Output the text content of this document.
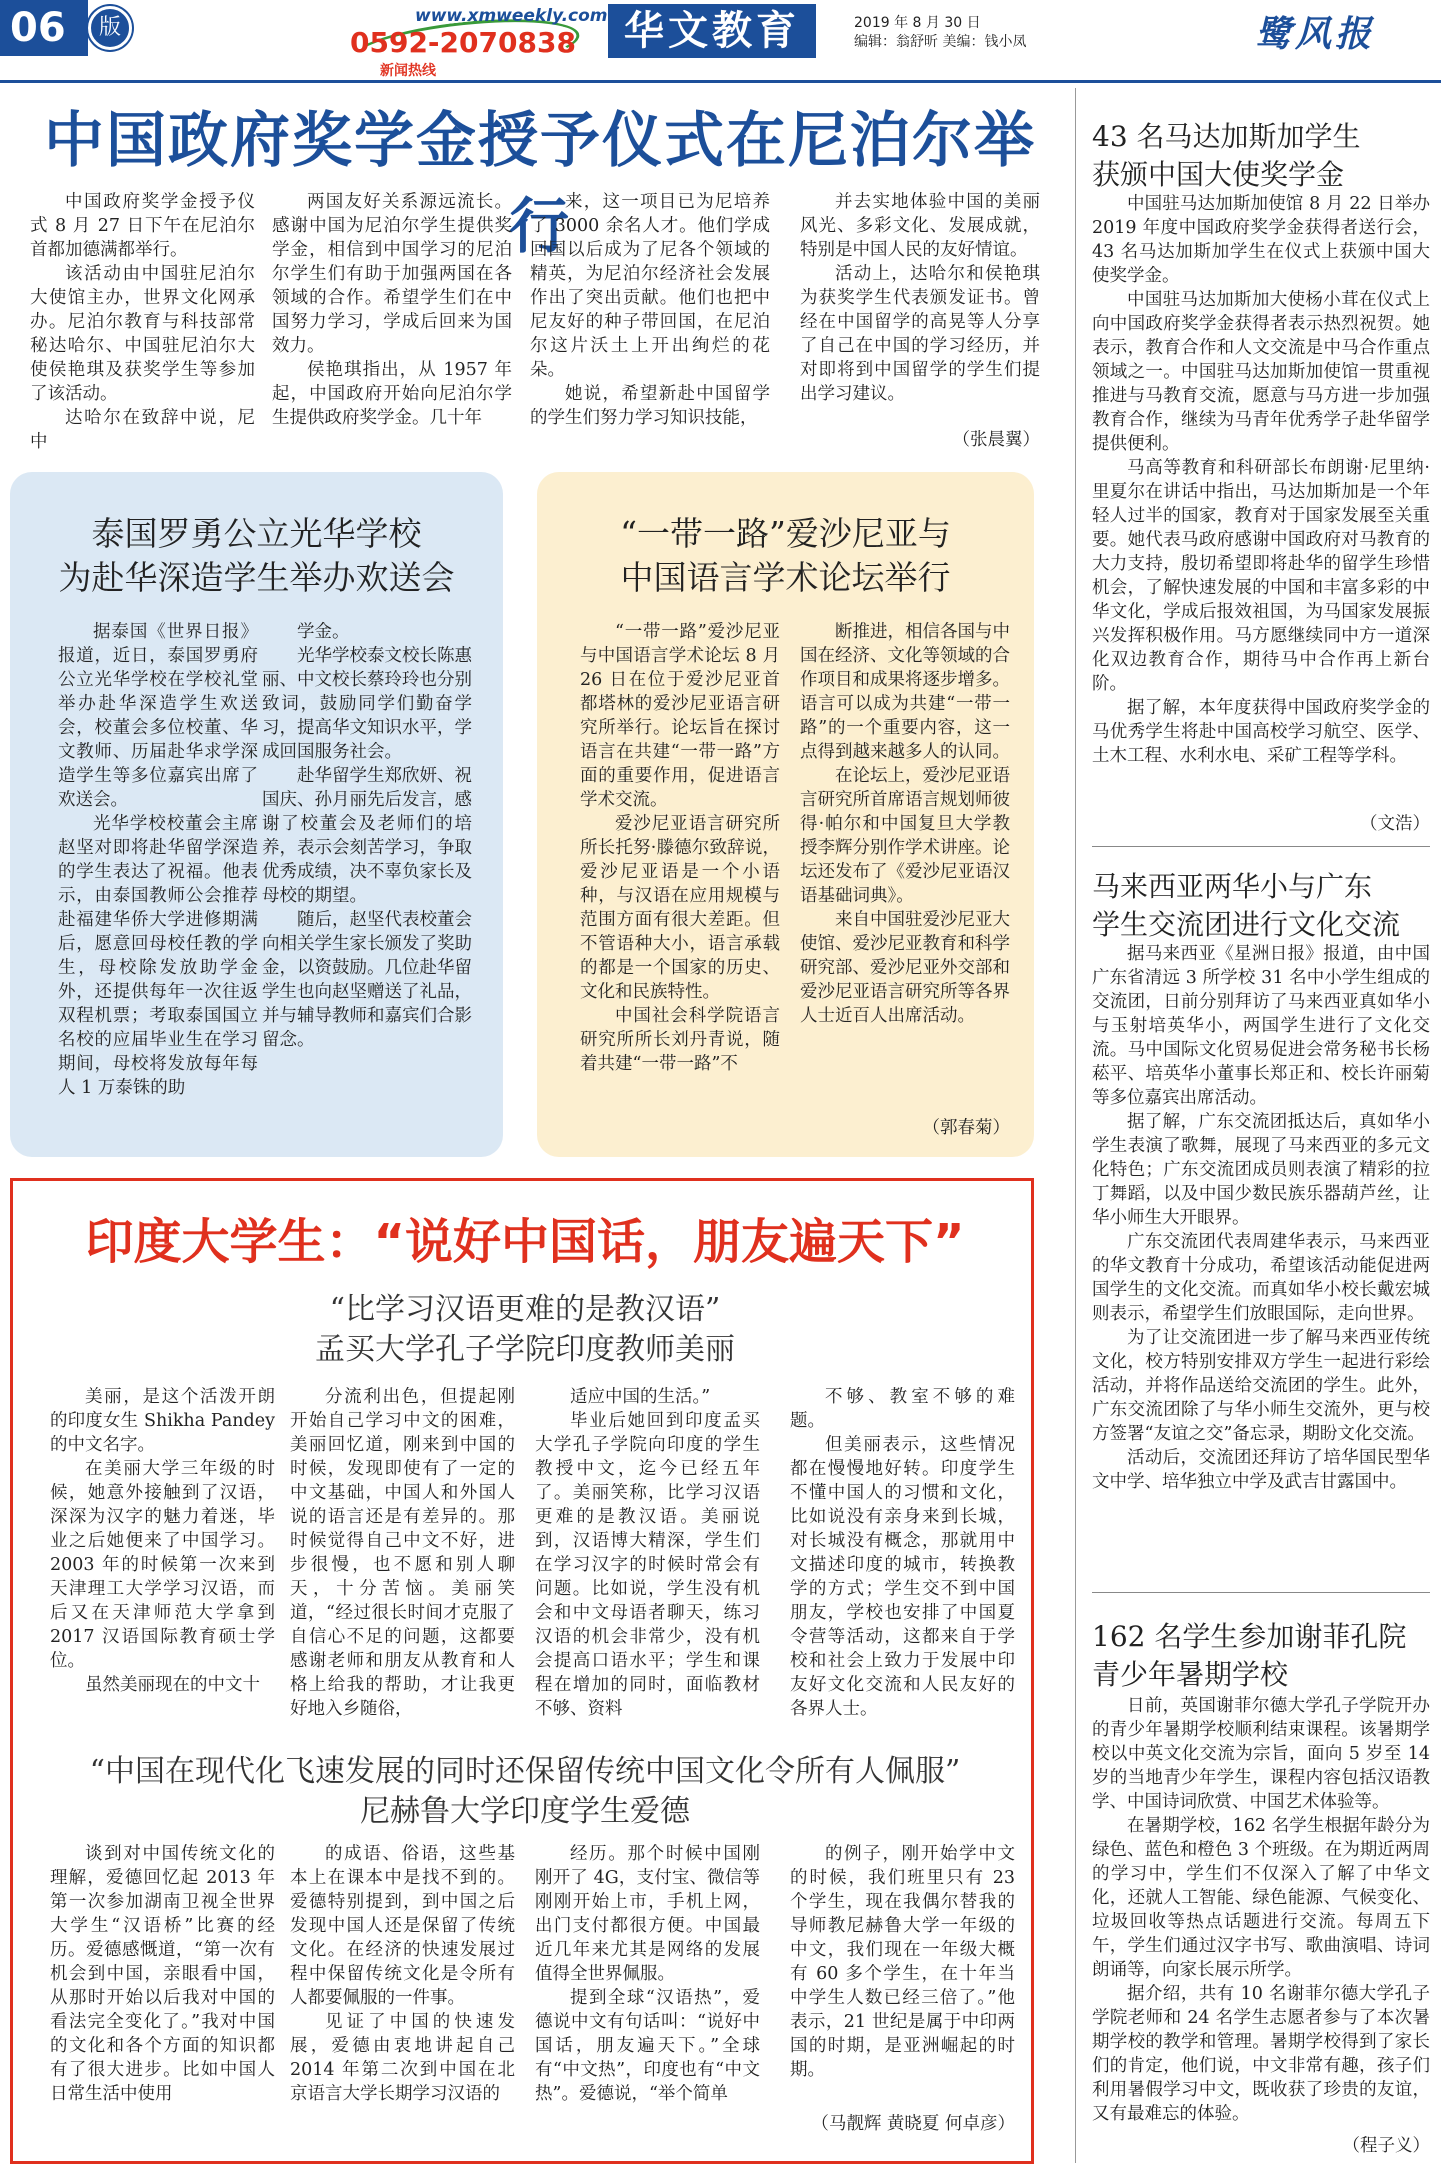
06	版	www.xmweekly.com
0592-2070838
新闻热线
华文教育	2019 年 8 月 30 日
编辑：翁舒昕 美编：钱小凤	鹭风报
中国政府奖学金授予仪式在尼泊尔举行

中国政府奖学金授予仪式 8 月 27 日下午在尼泊尔首都加德满都举行。

该活动由中国驻尼泊尔大使馆主办，世界文化网承办。尼泊尔教育与科技部常秘达哈尔、中国驻尼泊尔大使侯艳琪及获奖学生等参加了该活动。

达哈尔在致辞中说，尼中

两国友好关系源远流长。感谢中国为尼泊尔学生提供奖学金，相信到中国学习的尼泊尔学生们有助于加强两国在各领域的合作。希望学生们在中国努力学习，学成后回来为国效力。

侯艳琪指出，从 1957 年起，中国政府开始向尼泊尔学生提供政府奖学金。几十年

来，这一项目已为尼培养了 3000 余名人才。他们学成回国以后成为了尼各个领域的精英，为尼泊尔经济社会发展作出了突出贡献。他们也把中尼友好的种子带回国，在尼泊尔这片沃土上开出绚烂的花朵。

她说，希望新赴中国留学的学生们努力学习知识技能，

并去实地体验中国的美丽风光、多彩文化、发展成就，特别是中国人民的友好情谊。

活动上，达哈尔和侯艳琪为获奖学生代表颁发证书。曾经在中国留学的高晃等人分享了自己在中国的学习经历，并对即将到中国留学的学生们提出学习建议。

（张晨翼）
泰国罗勇公立光华学校
为赴华深造学生举办欢送会

据泰国《世界日报》报道，近日，泰国罗勇府公立光华学校在学校礼堂举办赴华深造学生欢送会，校董会多位校董、华文教师、历届赴华求学深造学生等多位嘉宾出席了欢送会。

光华学校校董会主席赵坚对即将赴华留学深造的学生表达了祝福。他表示，由泰国教师公会推荐赴福建华侨大学进修期满后，愿意回母校任教的学生，母校除发放助学金外，还提供每年一次往返双程机票；考取泰国国立名校的应届毕业生在学习期间，母校将发放每年每人 1 万泰铢的助

学金。

光华学校泰文校长陈惠丽、中文校长蔡玲玲也分别致词，鼓励同学们勤奋学习，提高华文知识水平，学成回国服务社会。

赴华留学生郑欣妍、祝国庆、孙月丽先后发言，感谢了校董会及老师们的培养，表示会刻苦学习，争取优秀成绩，决不辜负家长及母校的期望。

随后，赵坚代表校董会向相关学生家长颁发了奖助金，以资鼓励。几位赴华留学生也向赵坚赠送了礼品，并与辅导教师和嘉宾们合影留念。

“一带一路”爱沙尼亚与
中国语言学术论坛举行

“一带一路”爱沙尼亚与中国语言学术论坛 8 月 26 日在位于爱沙尼亚首都塔林的爱沙尼亚语言研究所举行。论坛旨在探讨语言在共建“一带一路”方面的重要作用，促进语言学术交流。

爱沙尼亚语言研究所所长托努·滕德尔致辞说，爱沙尼亚语是一个小语种，与汉语在应用规模与范围方面有很大差距。但不管语种大小，语言承载的都是一个国家的历史、文化和民族特性。

中国社会科学院语言研究所所长刘丹青说，随着共建“一带一路”不

断推进，相信各国与中国在经济、文化等领域的合作项目和成果将逐步增多。语言可以成为共建“一带一路”的一个重要内容，这一点得到越来越多人的认同。

在论坛上，爱沙尼亚语言研究所首席语言规划师彼得·帕尔和中国复旦大学教授李辉分别作学术讲座。论坛还发布了《爱沙尼亚语汉语基础词典》。

来自中国驻爱沙尼亚大使馆、爱沙尼亚教育和科学研究部、爱沙尼亚外交部和爱沙尼亚语言研究所等各界人士近百人出席活动。

（郭春菊）
印度大学生：“说好中国话，朋友遍天下”
“比学习汉语更难的是教汉语”
孟买大学孔子学院印度教师美丽

美丽，是这个活泼开朗的印度女生 Shikha Pandey 的中文名字。

在美丽大学三年级的时候，她意外接触到了汉语，深深为汉字的魅力着迷，毕业之后她便来了中国学习。2003 年的时候第一次来到天津理工大学学习汉语，而后又在天津师范大学拿到 2017 汉语国际教育硕士学位。

虽然美丽现在的中文十

分流利出色，但提起刚开始自己学习中文的困难，美丽回忆道，刚来到中国的时候，发现即使有了一定的中文基础，中国人和外国人说的语言还是有差异的。那时候觉得自己中文不好，进步很慢，也不愿和别人聊天，十分苦恼。美丽笑道，“经过很长时间才克服了自信心不足的问题，这都要感谢老师和朋友从教育和人格上给我的帮助，才让我更好地入乡随俗，

适应中国的生活。”

毕业后她回到印度孟买大学孔子学院向印度的学生教授中文，迄今已经五年了。美丽笑称，比学习汉语更难的是教汉语。美丽说到，汉语博大精深，学生们在学习汉字的时候时常会有问题。比如说，学生没有机会和中文母语者聊天，练习汉语的机会非常少，没有机会提高口语水平；学生和课程在增加的同时，面临教材不够、资料

不够、教室不够的难题。

但美丽表示，这些情况都在慢慢地好转。印度学生不懂中国人的习惯和文化，比如说没有亲身来到长城，对长城没有概念，那就用中文描述印度的城市，转换教学的方式；学生交不到中国朋友，学校也安排了中国夏令营等活动，这都来自于学校和社会上致力于发展中印友好文化交流和人民友好的各界人士。

“中国在现代化飞速发展的同时还保留传统中国文化令所有人佩服”
尼赫鲁大学印度学生爱德

谈到对中国传统文化的理解，爱德回忆起 2013 年第一次参加湖南卫视全世界大学生“汉语桥”比赛的经历。爱德感慨道，“第一次有机会到中国，亲眼看中国，从那时开始以后我对中国的看法完全变化了。”我对中国的文化和各个方面的知识都有了很大进步。比如中国人日常生活中使用

的成语、俗语，这些基本上在课本中是找不到的。爱德特别提到，到中国之后发现中国人还是保留了传统文化。在经济的快速发展过程中保留传统文化是令所有人都要佩服的一件事。

见证了中国的快速发展，爱德由衷地讲起自己 2014 年第二次到中国在北京语言大学长期学习汉语的

经历。那个时候中国刚刚开了 4G，支付宝、微信等刚刚开始上市，手机上网，出门支付都很方便。中国最近几年来尤其是网络的发展值得全世界佩服。

提到全球“汉语热”，爱德说中文有句话叫：“说好中国话，朋友遍天下。”全球有“中文热”，印度也有“中文热”。爱德说，“举个简单

的例子，刚开始学中文的时候，我们班里只有 23 个学生，现在我偶尔替我的导师教尼赫鲁大学一年级的中文，我们现在一年级大概有 60 多个学生，在十年当中学生人数已经三倍了。”他表示，21 世纪是属于中印两国的时期，是亚洲崛起的时期。

（马靓辉 黄晓夏 何卓彦）
43 名马达加斯加学生
获颁中国大使奖学金

中国驻马达加斯加使馆 8 月 22 日举办 2019 年度中国政府奖学金获得者送行会，43 名马达加斯加学生在仪式上获颁中国大使奖学金。

中国驻马达加斯加大使杨小茸在仪式上向中国政府奖学金获得者表示热烈祝贺。她表示，教育合作和人文交流是中马合作重点领域之一。中国驻马达加斯加使馆一贯重视推进与马教育交流，愿意与马方进一步加强教育合作，继续为马青年优秀学子赴华留学提供便利。

马高等教育和科研部长布朗谢·尼里纳·里夏尔在讲话中指出，马达加斯加是一个年轻人过半的国家，教育对于国家发展至关重要。她代表马政府感谢中国政府对马教育的大力支持，殷切希望即将赴华的留学生珍惜机会，了解快速发展的中国和丰富多彩的中华文化，学成后报效祖国，为马国家发展振兴发挥积极作用。马方愿继续同中方一道深化双边教育合作，期待马中合作再上新台阶。

据了解，本年度获得中国政府奖学金的马优秀学生将赴中国高校学习航空、医学、土木工程、水利水电、采矿工程等学科。

（文浩）
马来西亚两华小与广东
学生交流团进行文化交流

据马来西亚《星洲日报》报道，由中国广东省清远 3 所学校 31 名中小学生组成的交流团，日前分别拜访了马来西亚真如华小与玉射培英华小，两国学生进行了文化交流。马中国际文化贸易促进会常务秘书长杨菘平、培英华小董事长郑正和、校长许丽菊等多位嘉宾出席活动。

据了解，广东交流团抵达后，真如华小学生表演了歌舞，展现了马来西亚的多元文化特色；广东交流团成员则表演了精彩的拉丁舞蹈，以及中国少数民族乐器葫芦丝，让华小师生大开眼界。

广东交流团代表周建华表示，马来西亚的华文教育十分成功，希望该活动能促进两国学生的文化交流。而真如华小校长戴宏城则表示，希望学生们放眼国际，走向世界。

为了让交流团进一步了解马来西亚传统文化，校方特别安排双方学生一起进行彩绘活动，并将作品送给交流团的学生。此外，广东交流团除了与华小师生交流外，更与校方签署“友谊之交”备忘录，期盼文化交流。

活动后，交流团还拜访了培华国民型华文中学、培华独立中学及武吉甘露国中。

162 名学生参加谢菲孔院
青少年暑期学校

日前，英国谢菲尔德大学孔子学院开办的青少年暑期学校顺利结束课程。该暑期学校以中英文化交流为宗旨，面向 5 岁至 14 岁的当地青少年学生，课程内容包括汉语教学、中国诗词欣赏、中国艺术体验等。

在暑期学校，162 名学生根据年龄分为绿色、蓝色和橙色 3 个班级。在为期近两周的学习中，学生们不仅深入了解了中华文化，还就人工智能、绿色能源、气候变化、垃圾回收等热点话题进行交流。每周五下午，学生们通过汉字书写、歌曲演唱、诗词朗诵等，向家长展示所学。

据介绍，共有 10 名谢菲尔德大学孔子学院老师和 24 名学生志愿者参与了本次暑期学校的教学和管理。暑期学校得到了家长们的肯定，他们说，中文非常有趣，孩子们利用暑假学习中文，既收获了珍贵的友谊，又有最难忘的体验。

（程子义）
